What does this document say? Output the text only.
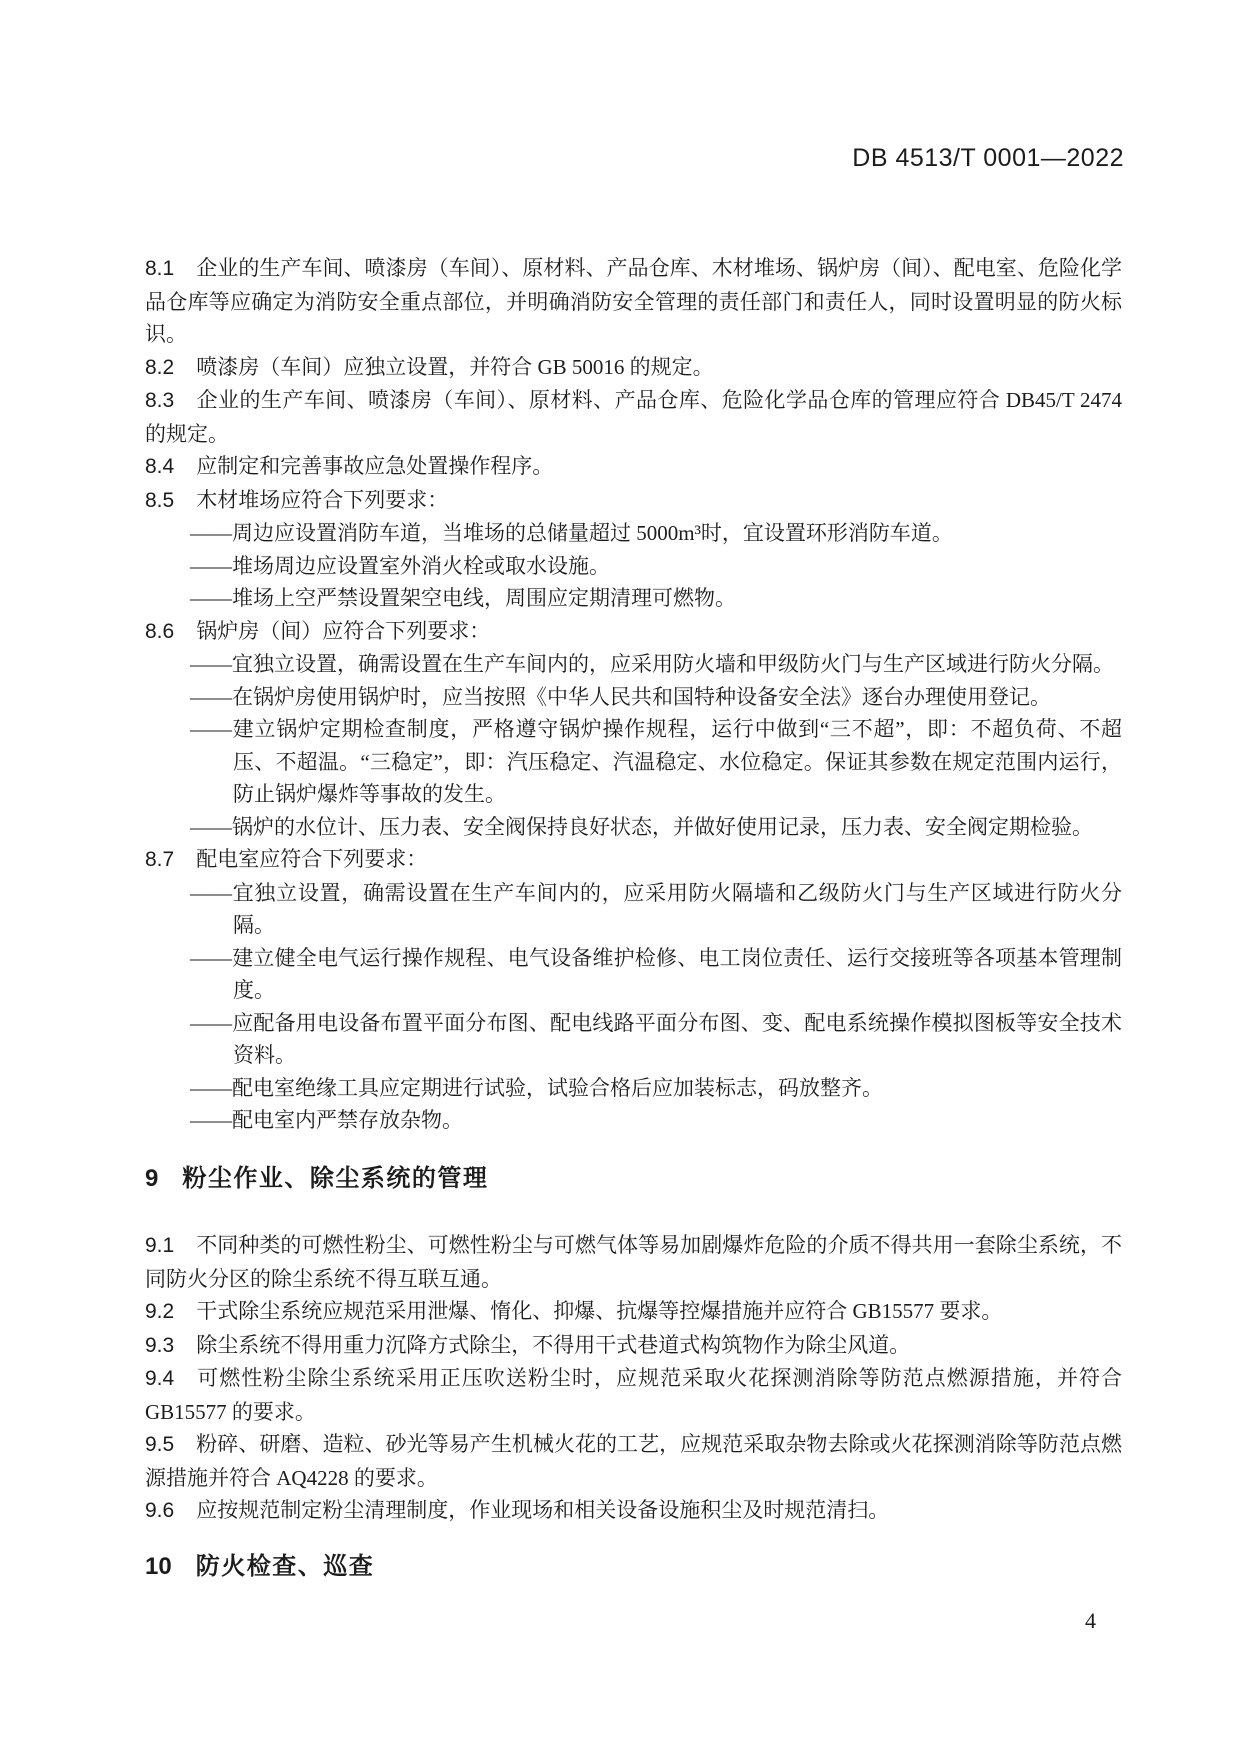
DB 4513/T 0001—2022

8.1 企业的生产车间、喷漆房（车间）、原材料、产品仓库、木材堆场、锅炉房（间）、配电室、危险化学品仓库等应确定为消防安全重点部位，并明确消防安全管理的责任部门和责任人，同时设置明显的防火标识。

8.2 喷漆房（车间）应独立设置，并符合 GB 50016 的规定。

8.3 企业的生产车间、喷漆房（车间）、原材料、产品仓库、危险化学品仓库的管理应符合 DB45/T 2474 的规定。

8.4 应制定和完善事故应急处置操作程序。

8.5 木材堆场应符合下列要求：

——周边应设置消防车道，当堆场的总储量超过 5000m³时，宜设置环形消防车道。

——堆场周边应设置室外消火栓或取水设施。

——堆场上空严禁设置架空电线，周围应定期清理可燃物。

8.6 锅炉房（间）应符合下列要求：

——宜独立设置，确需设置在生产车间内的，应采用防火墙和甲级防火门与生产区域进行防火分隔。

——在锅炉房使用锅炉时，应当按照《中华人民共和国特种设备安全法》逐台办理使用登记。

——建立锅炉定期检查制度，严格遵守锅炉操作规程，运行中做到“三不超”，即：不超负荷、不超压、不超温。“三稳定”，即：汽压稳定、汽温稳定、水位稳定。保证其参数在规定范围内运行，防止锅炉爆炸等事故的发生。

——锅炉的水位计、压力表、安全阀保持良好状态，并做好使用记录，压力表、安全阀定期检验。

8.7 配电室应符合下列要求：

——宜独立设置，确需设置在生产车间内的，应采用防火隔墙和乙级防火门与生产区域进行防火分隔。

——建立健全电气运行操作规程、电气设备维护检修、电工岗位责任、运行交接班等各项基本管理制度。

——应配备用电设备布置平面分布图、配电线路平面分布图、变、配电系统操作模拟图板等安全技术资料。

——配电室绝缘工具应定期进行试验，试验合格后应加装标志，码放整齐。

——配电室内严禁存放杂物。

9 粉尘作业、除尘系统的管理

9.1 不同种类的可燃性粉尘、可燃性粉尘与可燃气体等易加剧爆炸危险的介质不得共用一套除尘系统，不同防火分区的除尘系统不得互联互通。

9.2 干式除尘系统应规范采用泄爆、惰化、抑爆、抗爆等控爆措施并应符合 GB15577 要求。

9.3 除尘系统不得用重力沉降方式除尘，不得用干式巷道式构筑物作为除尘风道。

9.4 可燃性粉尘除尘系统采用正压吹送粉尘时，应规范采取火花探测消除等防范点燃源措施，并符合 GB15577 的要求。

9.5 粉碎、研磨、造粒、砂光等易产生机械火花的工艺，应规范采取杂物去除或火花探测消除等防范点燃源措施并符合 AQ4228 的要求。

9.6 应按规范制定粉尘清理制度，作业现场和相关设备设施积尘及时规范清扫。

10 防火检查、巡查
4
